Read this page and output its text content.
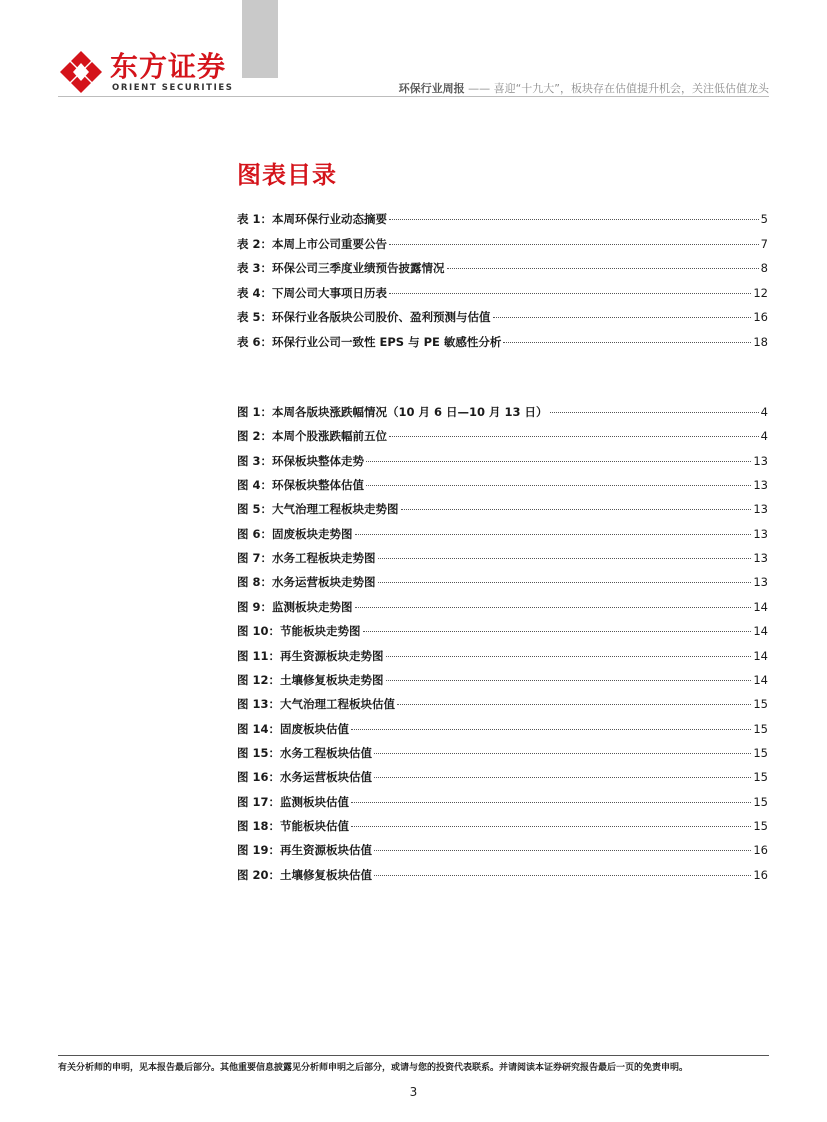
东方证券
ORIENT SECURITIES	环保行业周报 —— 喜迎“十九大”，板块存在估值提升机会，关注低估值龙头
图表目录
表 1：本周环保行业动态摘要	5
表 2：本周上市公司重要公告	7
表 3：环保公司三季度业绩预告披露情况	8
表 4：下周公司大事项日历表	12
表 5：环保行业各版块公司股价、盈利预测与估值	16
表 6：环保行业公司一致性 EPS 与 PE 敏感性分析	18
图 1：本周各版块涨跌幅情况（10 月 6 日—10 月 13 日）	4
图 2：本周个股涨跌幅前五位	4
图 3：环保板块整体走势	13
图 4：环保板块整体估值	13
图 5：大气治理工程板块走势图	13
图 6：固废板块走势图	13
图 7：水务工程板块走势图	13
图 8：水务运营板块走势图	13
图 9：监测板块走势图	14
图 10：节能板块走势图	14
图 11：再生资源板块走势图	14
图 12：土壤修复板块走势图	14
图 13：大气治理工程板块估值	15
图 14：固废板块估值	15
图 15：水务工程板块估值	15
图 16：水务运营板块估值	15
图 17：监测板块估值	15
图 18：节能板块估值	15
图 19：再生资源板块估值	16
图 20：土壤修复板块估值	16
有关分析师的申明，见本报告最后部分。其他重要信息披露见分析师申明之后部分，或请与您的投资代表联系。并请阅读本证券研究报告最后一页的免责申明。
3
